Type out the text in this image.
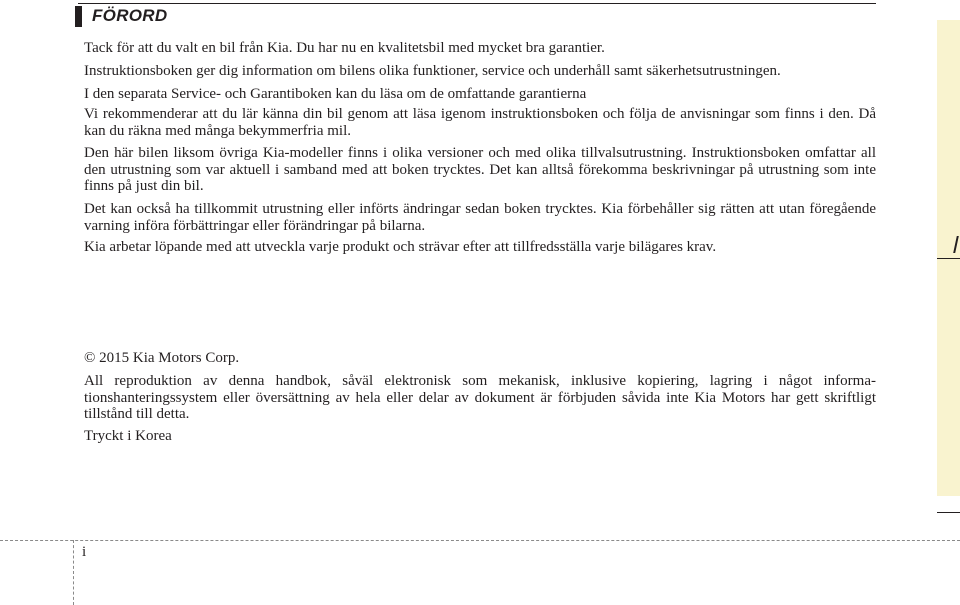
FÖRORD

Tack för att du valt en bil från Kia. Du har nu en kvalitetsbil med mycket bra garantier.

Instruktionsboken ger dig information om bilens olika funktioner, service och underhåll samt säkerhetsutrustningen.

I den separata Service- och Garantiboken kan du läsa om de omfattande garantierna

Vi rekommenderar att du lär känna din bil genom att läsa igenom instruktionsboken och följa de anvisningar som finns i den. Då kan du räkna med många bekymmerfria mil.

Den här bilen liksom övriga Kia-modeller finns i olika versioner och med olika tillvalsutrustning. Instruktionsboken omfattar all den utrustning som var aktuell i samband med att boken trycktes. Det kan alltså förekomma beskrivningar på utrustning som inte finns på just din bil.

Det kan också ha tillkommit utrustning eller införts ändringar sedan boken trycktes. Kia förbehåller sig rätten att utan föregående varning införa förbättringar eller förändringar på bilarna.

Kia arbetar löpande med att utveckla varje produkt och strävar efter att tillfredsställa varje bilägares krav.

© 2015 Kia Motors Corp.

All reproduktion av denna handbok, såväl elektronisk som mekanisk, inklusive kopiering, lagring i något informa-tionshanteringssystem eller översättning av hela eller delar av dokument är förbjuden såvida inte Kia Motors har gett skriftligt tillstånd till detta.

Tryckt i Korea

i
